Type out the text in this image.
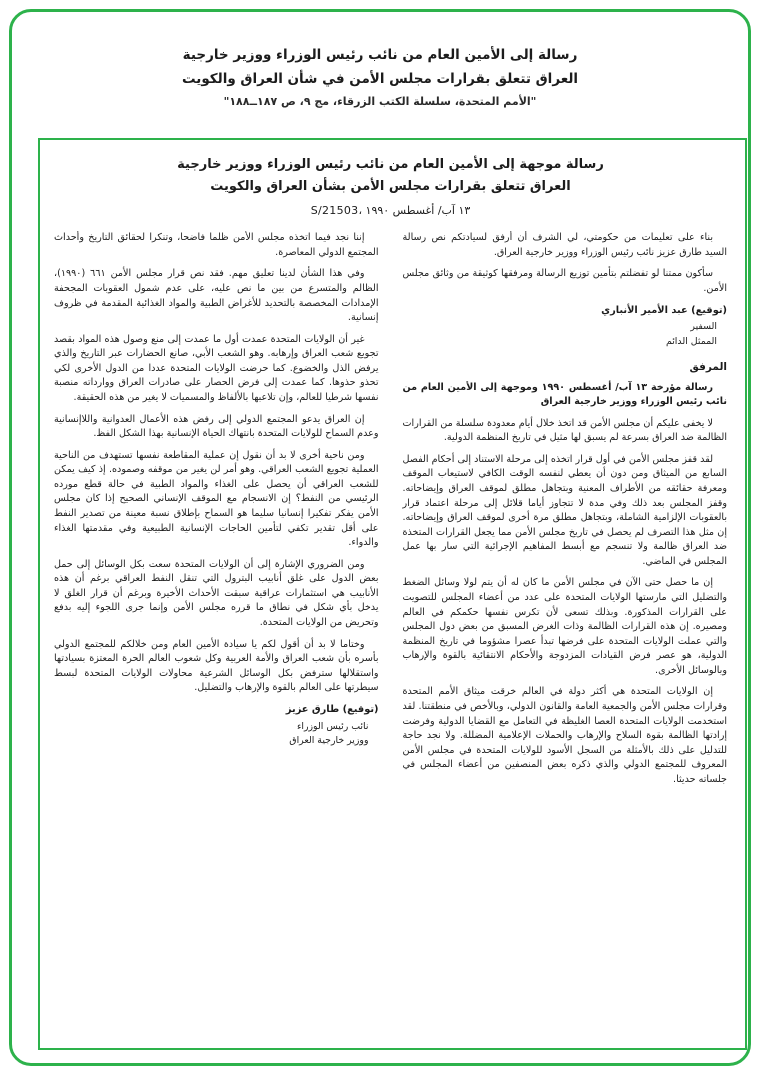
رسالة إلى الأمين العام من نائب رئيس الوزراء ووزير خارجية
العراق تتعلق بقرارات مجلس الأمن في شأن العراق والكويت
"الأمم المتحدة، سلسلة الكتب الزرقاء، مج ٩، ص ١٨٧ــ١٨٨"
رسالة موجهة إلى الأمين العام من نائب رئيس الوزراء ووزير خارجية
العراق تتعلق بقرارات مجلس الأمن بشأن العراق والكويت
S/21503، ١٣ آب/ أغسطس ١٩٩٠

بناء على تعليمات من حكومتي، لي الشرف أن أرفق لسيادتكم نص رسالة السيد طارق عزيز نائب رئيس الوزراء ووزير خارجية العراق.

سأكون ممتنا لو تفضلتم بتأمين توزيع الرسالة ومرفقها كوثيقة من وثائق مجلس الأمن.

(توقيع) عبد الأمير الأنباري
السفير
الممثل الدائم

المرفق

رسالة مؤرخة ١٣ آب/ أغسطس ١٩٩٠ وموجهة إلى الأمين العام من نائب رئيس الوزراء ووزير خارجية العراق

لا يخفى عليكم أن مجلس الأمن قد اتخذ خلال أيام معدودة سلسلة من القرارات الظالمة ضد العراق بسرعة لم يسبق لها مثيل في تاريخ المنظمة الدولية.

لقد قفز مجلس الأمن في أول قرار اتخذه إلى مرحلة الاستناد إلى أحكام الفصل السابع من الميثاق ومن دون أن يعطي لنفسه الوقت الكافي لاستيعاب الموقف ومعرفة حقائقه من الأطراف المعنية وبتجاهل مطلق لموقف العراق وإيضاحاته. وقفز المجلس بعد ذلك وفي مدة لا تتجاوز أياما قلائل إلى مرحلة اعتماد قرار بالعقوبات الإلزامية الشاملة، وبتجاهل مطلق مرة أخرى لموقف العراق وإيضاحاته. إن مثل هذا التصرف لم يحصل في تاريخ مجلس الأمن مما يجعل القرارات المتخذة ضد العراق ظالمة ولا تنسجم مع أبسط المفاهيم الإجرائية التي سار بها عمل المجلس في الماضي.

إن ما حصل حتى الآن في مجلس الأمن ما كان له أن يتم لولا وسائل الضغط والتضليل التي مارستها الولايات المتحدة على عدد من أعضاء المجلس للتصويت على القرارات المذكورة. وبذلك تسعى لأن تكرس نفسها حكمكم في العالم ومصيره. إن هذه القرارات الظالمة وذات الغرض المسبق من بعض دول المجلس والتي عملت الولايات المتحدة على فرضها تبدأ عصرا مشؤوما في تاريخ المنظمة الدولية، هو عصر فرض القيادات المزدوجة والأحكام الانتقائية بالقوة والإرهاب وبالوسائل الأخرى.

إن الولايات المتحدة هي أكثر دولة في العالم خرقت ميثاق الأمم المتحدة وقرارات مجلس الأمن والجمعية العامة والقانون الدولي، وبالأخص في منطقتنا. لقد استخدمت الولايات المتحدة العصا الغليظة في التعامل مع القضايا الدولية وفرضت إرادتها الظالمة بقوة السلاح والإرهاب والحملات الإعلامية المضللة. ولا نجد حاجة للتدليل على ذلك بالأمثلة من السجل الأسود للولايات المتحدة في مجلس الأمن المعروف للمجتمع الدولي والذي ذكره بعض المنصفين من أعضاء المجلس في جلساته حديثا.

إننا نجد فيما اتخذه مجلس الأمن ظلما فاضحا، وتنكرا لحقائق التاريخ وأحداث المجتمع الدولي المعاصرة.

وفي هذا الشأن لدينا تعليق مهم. فقد نص قرار مجلس الأمن ٦٦١ (١٩٩٠)، الظالم والمتسرع من بين ما نص عليه، على عدم شمول العقوبات المجحفة الإمدادات المخصصة بالتحديد للأغراض الطبية والمواد الغذائية المقدمة في ظروف إنسانية.

غير أن الولايات المتحدة عمدت أول ما عمدت إلى منع وصول هذه المواد بقصد تجويع شعب العراق وإرهابه. وهو الشعب الأبي، صانع الحضارات عبر التاريخ والذي يرفض الذل والخضوع. كما حرضت الولايات المتحدة عددا من الدول الأخرى لكي تحذو حذوها. كما عمدت إلى فرض الحصار على صادرات العراق ووارداته منصبة نفسها شرطيا للعالم، وإن تلاعبها بالألفاظ والمسميات لا يغير من هذه الحقيقة.

إن العراق يدعو المجتمع الدولي إلى رفض هذه الأعمال العدوانية واللاإنسانية وعدم السماح للولايات المتحدة بانتهاك الحياة الإنسانية بهذا الشكل الفظ.

ومن ناحية أخرى لا بد أن نقول إن عملية المقاطعة نفسها تستهدف من الناحية العملية تجويع الشعب العراقي. وهو أمر لن يغير من موقفه وصموده. إذ كيف يمكن للشعب العراقي أن يحصل على الغذاء والمواد الطبية في حالة قطع مورده الرئيسي من النفط؟ إن الانسجام مع الموقف الإنساني الصحيح إذا كان مجلس الأمن يفكر تفكيرا إنسانيا سليما هو السماح بإطلاق نسبة معينة من تصدير النفط على أقل تقدير تكفي لتأمين الحاجات الإنسانية الطبيعية وفي مقدمتها الغذاء والدواء.

ومن الضروري الإشارة إلى أن الولايات المتحدة سعت بكل الوسائل إلى حمل بعض الدول على غلق أنابيب البترول التي تنقل النفط العراقي برغم أن هذه الأنابيب هي استثمارات عراقية سبقت الأحداث الأخيرة وبرغم أن قرار الغلق لا يدخل بأي شكل في نطاق ما قرره مجلس الأمن وإنما جرى اللجوء إليه بدفع وتحريض من الولايات المتحدة.

وختاما لا بد أن أقول لكم يا سيادة الأمين العام ومن خلالكم للمجتمع الدولي بأسره بأن شعب العراق والأمة العربية وكل شعوب العالم الحرة المعتزة بسيادتها واستقلالها سترفض بكل الوسائل الشرعية محاولات الولايات المتحدة لبسط سيطرتها على العالم بالقوة والإرهاب والتضليل.

(توقيع) طارق عزيز
نائب رئيس الوزراء
ووزير خارجية العراق
